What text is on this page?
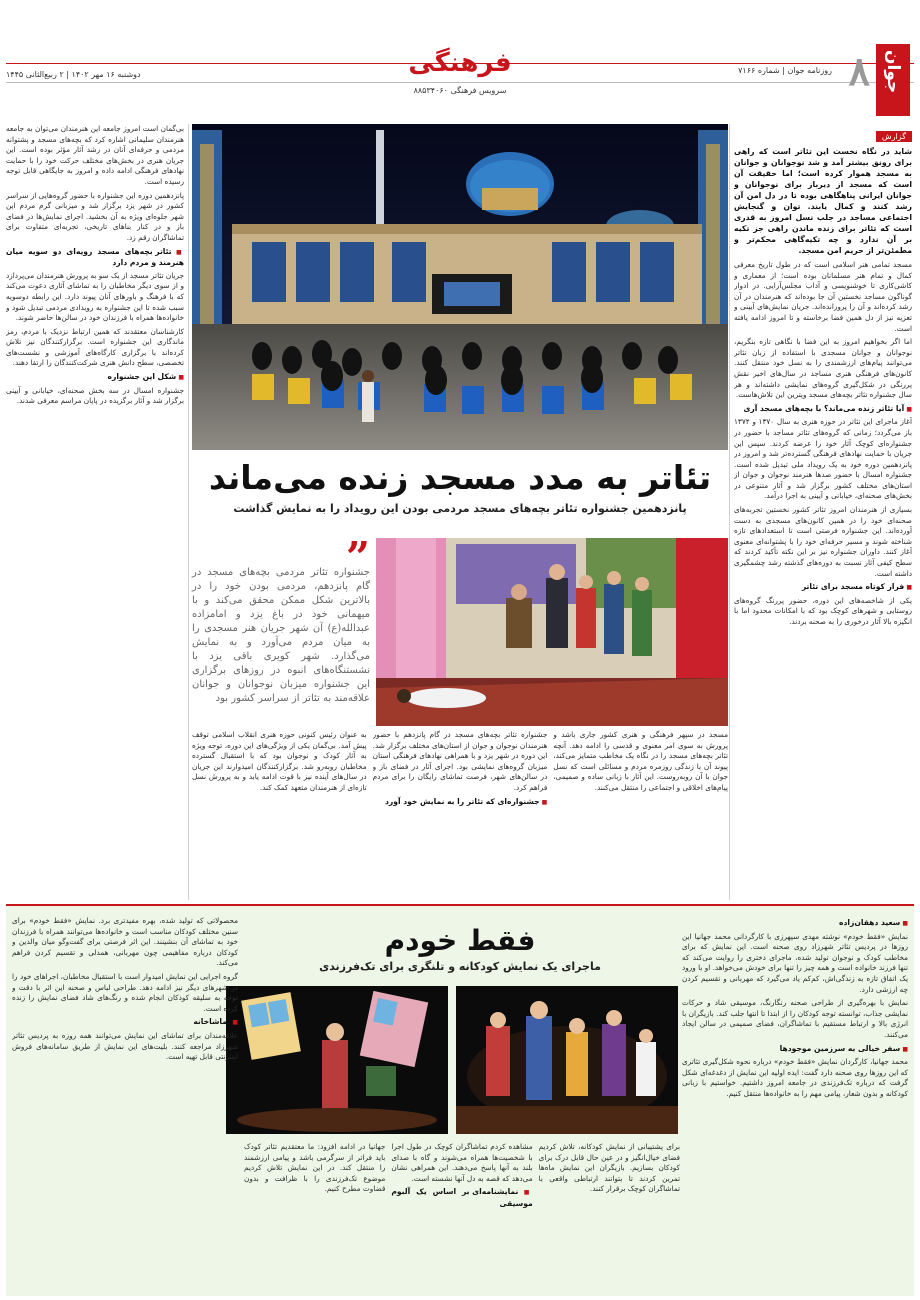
جوان
۸
روزنامه جوان | شماره ۷۱۶۶
فرهنگی
سرویس فرهنگی ۸۸۵۳۴۰۶۰
دوشنبه ۱۶ مهر ۱۴۰۲ | ۲ ربیع‌الثانی ۱۴۴۵
گزارش
شاید در نگاه نخست این تئاتر است که راهی برای رونق بیشتر آمد و شد نوجوانان و جوانان به مسجد هموار کرده است؛ اما حقیقت آن است که مسجد از دیرباز برای نوجوانان و جوانان ایرانی پناهگاهی بوده تا در دل امن آن رشد کنند و کمال یابند. توان و گنجایش اجتماعی مساجد در جلب نسل امروز به قدری است که تئاتر برای زنده ماندن راهی جز تکیه بر آن ندارد و چه تکیه‌گاهی محکم‌تر و مطمئن‌تر از حریم امن مسجد.

مسجد تمامی هنر اسلامی است که در طول تاریخ معرفی کمال و تمام هنر مسلمانان بوده است؛ از معماری و کاشی‌کاری تا خوشنویسی و آداب مجلس‌آرایی. در ادوار گوناگون مساجد نخستین آن جا بوده‌اند که هنرمندان در آن رشد کرده‌اند و آن را پرورانده‌اند. جریان نمایش‌های آیینی و تعزیه نیز از دل همین فضا برخاسته و تا امروز ادامه یافته است.

اما اگر بخواهیم امروز به این فضا با نگاهی تازه بنگریم، نوجوانان و جوانان مسجدی با استفاده از زبان تئاتر می‌توانند پیام‌های ارزشمندی را به نسل خود منتقل کنند. کانون‌های فرهنگی هنری مساجد در سال‌های اخیر نقش پررنگی در شکل‌گیری گروه‌های نمایشی داشته‌اند و هر سال جشنواره تئاتر بچه‌های مسجد ویترین این تلاش‌هاست.

■ آیا تئاتر زنده می‌ماند؟ با بچه‌های مسجد آری

آغاز ماجرای این تئاتر در حوزه هنری به سال ۱۳۷۰ و ۱۳۷۴ باز می‌گردد؛ زمانی که گروه‌های تئاتر مساجد با حضور در جشنواره‌ای کوچک آثار خود را عرضه کردند. سپس این جریان با حمایت نهادهای فرهنگی گسترده‌تر شد و امروز در پانزدهمین دوره خود به یک رویداد ملی تبدیل شده است. جشنواره امسال با حضور صدها هنرمند نوجوان و جوان از استان‌های مختلف کشور برگزار شد و آثار متنوعی در بخش‌های صحنه‌ای، خیابانی و آیینی به اجرا درآمد.

بسیاری از هنرمندان امروز تئاتر کشور نخستین تجربه‌های صحنه‌ای خود را در همین کانون‌های مسجدی به دست آورده‌اند. این جشنواره فرصتی است تا استعدادهای تازه شناخته شوند و مسیر حرفه‌ای خود را با پشتوانه‌ای معنوی آغاز کنند. داوران جشنواره نیز بر این نکته تأکید کردند که سطح کیفی آثار نسبت به دوره‌های گذشته رشد چشمگیری داشته است.

■ فرار کوتاه مسجد برای تئاتر

یکی از شاخصه‌های این دوره، حضور پررنگ گروه‌های روستایی و شهرهای کوچک بود که با امکانات محدود اما با انگیزه بالا آثار درخوری را به صحنه بردند.

تئاتر به مدد مسجد زنده می‌ماند
پانزدهمین جشنواره تئاتر بچه‌های مسجد مردمی بودن این رویداد را به نمایش گذاشت

بی‌گمان است امروز جامعه این هنرمندان می‌توان به جامعه هنرمندان سلیمانی اشاره کرد که بچه‌های مسجد و پشتوانه مردمی و حرفه‌ای آنان در رشد آثار مؤثر بوده است. این جریان هنری در بخش‌های مختلف حرکت خود را با حمایت نهادهای فرهنگی ادامه داده و امروز به جایگاهی قابل توجه رسیده است.

پانزدهمین دوره این جشنواره با حضور گروه‌هایی از سراسر کشور در شهر یزد برگزار شد و میزبانی گرم مردم این شهر جلوه‌ای ویژه به آن بخشید. اجرای نمایش‌ها در فضای باز و در کنار بناهای تاریخی، تجربه‌ای متفاوت برای تماشاگران رقم زد.

■ تئاتر بچه‌های مسجد رویه‌ای دو سویه میان هنرمند و مردم دارد

جریان تئاتر مسجد از یک سو به پرورش هنرمندان می‌پردازد و از سوی دیگر مخاطبان را به تماشای آثاری دعوت می‌کند که با فرهنگ و باورهای آنان پیوند دارد. این رابطه دوسویه سبب شده تا این جشنواره به رویدادی مردمی تبدیل شود و خانواده‌ها همراه با فرزندان خود در سالن‌ها حاضر شوند.

کارشناسان معتقدند که همین ارتباط نزدیک با مردم، رمز ماندگاری این جشنواره است. برگزارکنندگان نیز تلاش کرده‌اند با برگزاری کارگاه‌های آموزشی و نشست‌های تخصصی، سطح دانش هنری شرکت‌کنندگان را ارتقا دهند.

■ شکل این جشنواره

جشنواره امسال در سه بخش صحنه‌ای، خیابانی و آیینی برگزار شد و آثار برگزیده در پایان مراسم معرفی شدند.

”
جشنواره تئاتر مردمی بچه‌های مسجد در گام پانزدهم، مردمی بودن خود را در بالاترین شکل ممکن محقق می‌کند و با میهمانی خود در باغ یزد و امامزاده عبدالله(ع) آن شهر جریان هنر مسجدی را به میان مردم می‌آورد و به نمایش می‌گذارد. شهر کویری باقی یزد با نشستنگاه‌های انبوه در روزهای برگزاری این جشنواره میزبان نوجوانان و جوانان علاقه‌مند به تئاتر از سراسر کشور بود

مسجد در سپهر فرهنگی و هنری کشور جاری باشد و پرورش به سوی امر معنوی و قدسی را ادامه دهد. آنچه تئاتر بچه‌های مسجد را در نگاه یک مخاطب متمایز می‌کند، پیوند آن با زندگی روزمره مردم و مسائلی است که نسل جوان با آن روبه‌روست. این آثار با زبانی ساده و صمیمی، پیام‌های اخلاقی و اجتماعی را منتقل می‌کنند.

جشنواره تئاتر بچه‌های مسجد در گام پانزدهم با حضور هنرمندان نوجوان و جوان از استان‌های مختلف برگزار شد. این دوره در شهر یزد و با همراهی نهادهای فرهنگی استان میزبان گروه‌های نمایشی بود. اجرای آثار در فضای باز و در سالن‌های شهر، فرصت تماشای رایگان را برای مردم فراهم کرد.

■ جشنواره‌ای که تئاتر را به نمایش خود آورد

به عنوان رئیس کنونی حوزه هنری انقلاب اسلامی توقف پیش آمد. بی‌گمان یکی از ویژگی‌های این دوره، توجه ویژه به آثار کودک و نوجوان بود که با استقبال گسترده مخاطبان روبه‌رو شد. برگزارکنندگان امیدوارند این جریان در سال‌های آینده نیز با قوت ادامه یابد و به پرورش نسل تازه‌ای از هنرمندان متعهد کمک کند.

فقط خودم
ماجرای یک نمایش کودکانه و تلنگری برای تک‌فرزندی
■ سعید دهقان‌زاده

نمایش «فقط خودم» نوشته مهدی سپهرزی با کارگردانی محمد جهانیا این روزها در پردیس تئاتر شهرزاد روی صحنه است. این نمایش که برای مخاطب کودک و نوجوان تولید شده، ماجرای دختری را روایت می‌کند که تنها فرزند خانواده است و همه چیز را تنها برای خودش می‌خواهد. او با ورود یک اتفاق تازه به زندگی‌اش، کم‌کم یاد می‌گیرد که مهربانی و تقسیم کردن چه ارزشی دارد.

نمایش با بهره‌گیری از طراحی صحنه رنگارنگ، موسیقی شاد و حرکات نمایشی جذاب، توانسته توجه کودکان را از ابتدا تا انتها جلب کند. بازیگران با انرژی بالا و ارتباط مستقیم با تماشاگران، فضای صمیمی در سالن ایجاد می‌کنند.

■ سفر خیالی به سرزمین موجودها

محمد جهانیا، کارگردان نمایش «فقط خودم» درباره نحوه شکل‌گیری تئاتری که این روزها روی صحنه دارد گفت: ایده اولیه این نمایش از دغدغه‌ای شکل گرفت که درباره تک‌فرزندی در جامعه امروز داشتیم. خواستیم با زبانی کودکانه و بدون شعار، پیامی مهم را به خانواده‌ها منتقل کنیم.

برای پشتیبانی از نمایش کودکانه، تلاش کردیم فضای خیال‌انگیز و در عین حال قابل درک برای کودکان بسازیم. بازیگران این نمایش ماه‌ها تمرین کردند تا بتوانند ارتباطی واقعی با تماشاگران کوچک برقرار کنند.

مشاهده کردم تماشاگران کوچک در طول اجرا با شخصیت‌ها همراه می‌شوند و گاه با صدای بلند به آنها پاسخ می‌دهند. این همراهی نشان می‌دهد که قصه به دل آنها نشسته است.

■ نمایشنامه‌ای بر اساس یک آلبوم موسیقی

جهانیا در ادامه افزود: ما معتقدیم تئاتر کودک باید فراتر از سرگرمی باشد و پیامی ارزشمند را منتقل کند. در این نمایش تلاش کردیم موضوع تک‌فرزندی را با ظرافت و بدون قضاوت مطرح کنیم.

محصولاتی که تولید شده، بهره مفیدتری برد. نمایش «فقط خودم» برای سنین مختلف کودکان مناسب است و خانواده‌ها می‌توانند همراه با فرزندان خود به تماشای آن بنشینند. این اثر فرصتی برای گفت‌وگو میان والدین و کودکان درباره مفاهیمی چون مهربانی، همدلی و تقسیم کردن فراهم می‌کند.

گروه اجرایی این نمایش امیدوار است با استقبال مخاطبان، اجراهای خود را در شهرهای دیگر نیز ادامه دهد. طراحی لباس و صحنه این اثر با دقت و توجه به سلیقه کودکان انجام شده و رنگ‌های شاد فضای نمایش را زنده کرده است.

■ تماشاخانه

علاقه‌مندان برای تماشای این نمایش می‌توانند همه روزه به پردیس تئاتر شهرزاد مراجعه کنند. بلیت‌های این نمایش از طریق سامانه‌های فروش اینترنتی قابل تهیه است.
